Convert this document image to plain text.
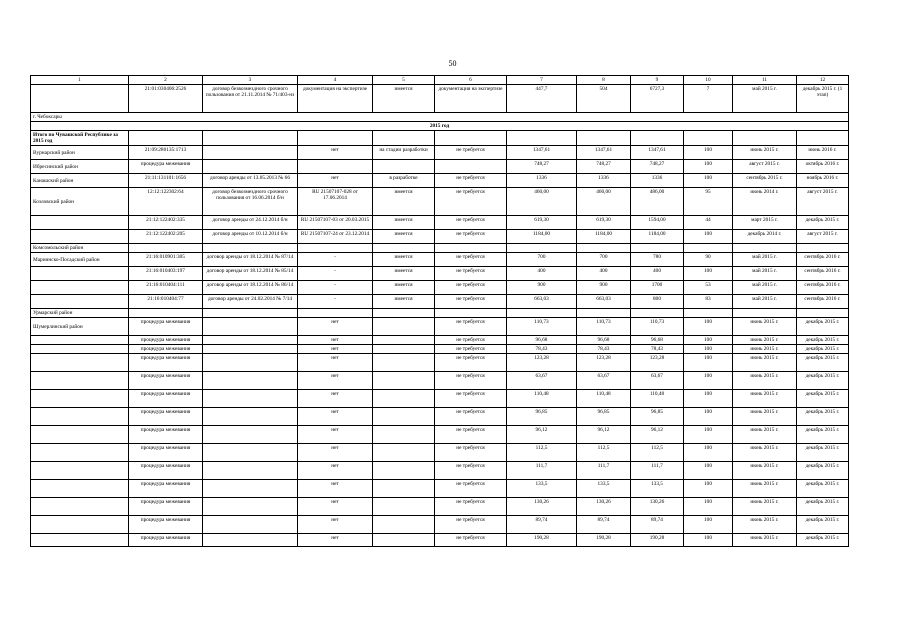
50
1	2	3	4	5	6	7	8	9	10	11	12
	21:01:030406:2526	договор безвозмездного срочного пользования от 21.11.2014 № 71/403-нз	документация на экспертизе	имеется	документация на экспертизе	447,7	504	6727,3	7	май 2015 г.	декабрь 2015 г. (1 этап)
г. Чебоксары											
2015 год											
Итого по Чувашской Республике за 2015 год											
Вурнарский район	21:09:280135:1713		нет	на стадии разработки	не требуется	1347,61	1347,61	1347,61	100	июнь 2015 г.	июнь 2016 г.
Ибресинский район	процедура межевания					748,27	748,27	748,27	100	август 2015 г.	октябрь 2016 г.
Канашский район	21:11:131101:1656	договор аренды от 13.05.2013 № 66	нет	в разработке	не требуется	1336	1336	1336	100	сентябрь 2015 г.	ноябрь 2016 г.
Козловский район	12:12:122302:64	договор безвозмездного срочного пользования от 16.06.2014 б/н	RU 21507107-028 от 17.06.2014	имеется	не требуется	460,00	460,00	486,00	95	июнь 2014 г.	август 2015 г.
	21:12:122402:335	договор аренды от 24.12.2014 б/н	RU 21507107-03 от 20.03.2015	имеется	не требуется	619,30	619,30	1594,00	44	март 2015 г.	декабрь 2015 г.
	21:12:122402:205	договор аренды от 10.12.2014 б/н	RU 21507107-24 от 23.12.2014	имеется	не требуется	1184,00	1184,00	1184,00	100	декабрь 2014 г.	август 2015 г.
Комсомольский район											
Мариинско-Посадский район	21:16:010901:305	договор аренды от 18.12.2014 № 87/14	-	имеется	не требуется	700	700	780	90	май 2015 г.	сентябрь 2016 г.
	21:16:010403:197	договор аренды от 18.12.2014 № 85/14	-	имеется	не требуется	400	400	400	100	май 2015 г.	сентябрь 2016 г.
	21:16:010404:111	договор аренды от 18.12.2014 № 86/14	-	имеется	не требуется	900	900	1700	53	май 2015 г.	сентябрь 2016 г.
	21:16:010404:77	договор аренды от 24.02.2014 № 7/14	-	имеется	не требуется	663,03	663,03	800	83	май 2015 г.	сентябрь 2016 г.
Урмарский район											
Шумерлинский район	процедура межевания		нет		не требуется	110,73	110,73	110,73	100	июнь 2015 г.	декабрь 2015 г.
	процедура межевания		нет		не требуется	96,68	96,68	96,68	100	июнь 2015 г.	декабрь 2015 г.
	процедура межевания		нет		не требуется	78,43	78,43	78,43	100	июнь 2015 г.	декабрь 2015 г.
	процедура межевания		нет		не требуется	123,28	123,28	123,28	100	июнь 2015 г.	декабрь 2015 г.
	процедура межевания		нет		не требуется	63,67	63,67	63,67	100	июнь 2015 г.	декабрь 2015 г.
	процедура межевания		нет		не требуется	110,48	110,48	110,48	100	июнь 2015 г.	декабрь 2015 г.
	процедура межевания		нет		не требуется	96,85	96,85	96,85	100	июнь 2015 г.	декабрь 2015 г.
	процедура межевания		нет		не требуется	96,12	96,12	96,12	100	июнь 2015 г.	декабрь 2015 г.
	процедура межевания		нет		не требуется	112,5	112,5	112,5	100	июнь 2015 г.	декабрь 2015 г.
	процедура межевания		нет		не требуется	111,7	111,7	111,7	100	июнь 2015 г.	декабрь 2015 г.
	процедура межевания		нет		не требуется	133,5	133,5	133,5	100	июнь 2015 г.	декабрь 2015 г.
	процедура межевания		нет		не требуется	130,26	130,26	130,26	100	июнь 2015 г.	декабрь 2015 г.
	процедура межевания		нет		не требуется	89,74	89,74	89,74	100	июнь 2015 г.	декабрь 2015 г.
	процедура межевания		нет		не требуется	190,28	190,28	190,28	100	июнь 2015 г.	декабрь 2015 г.
